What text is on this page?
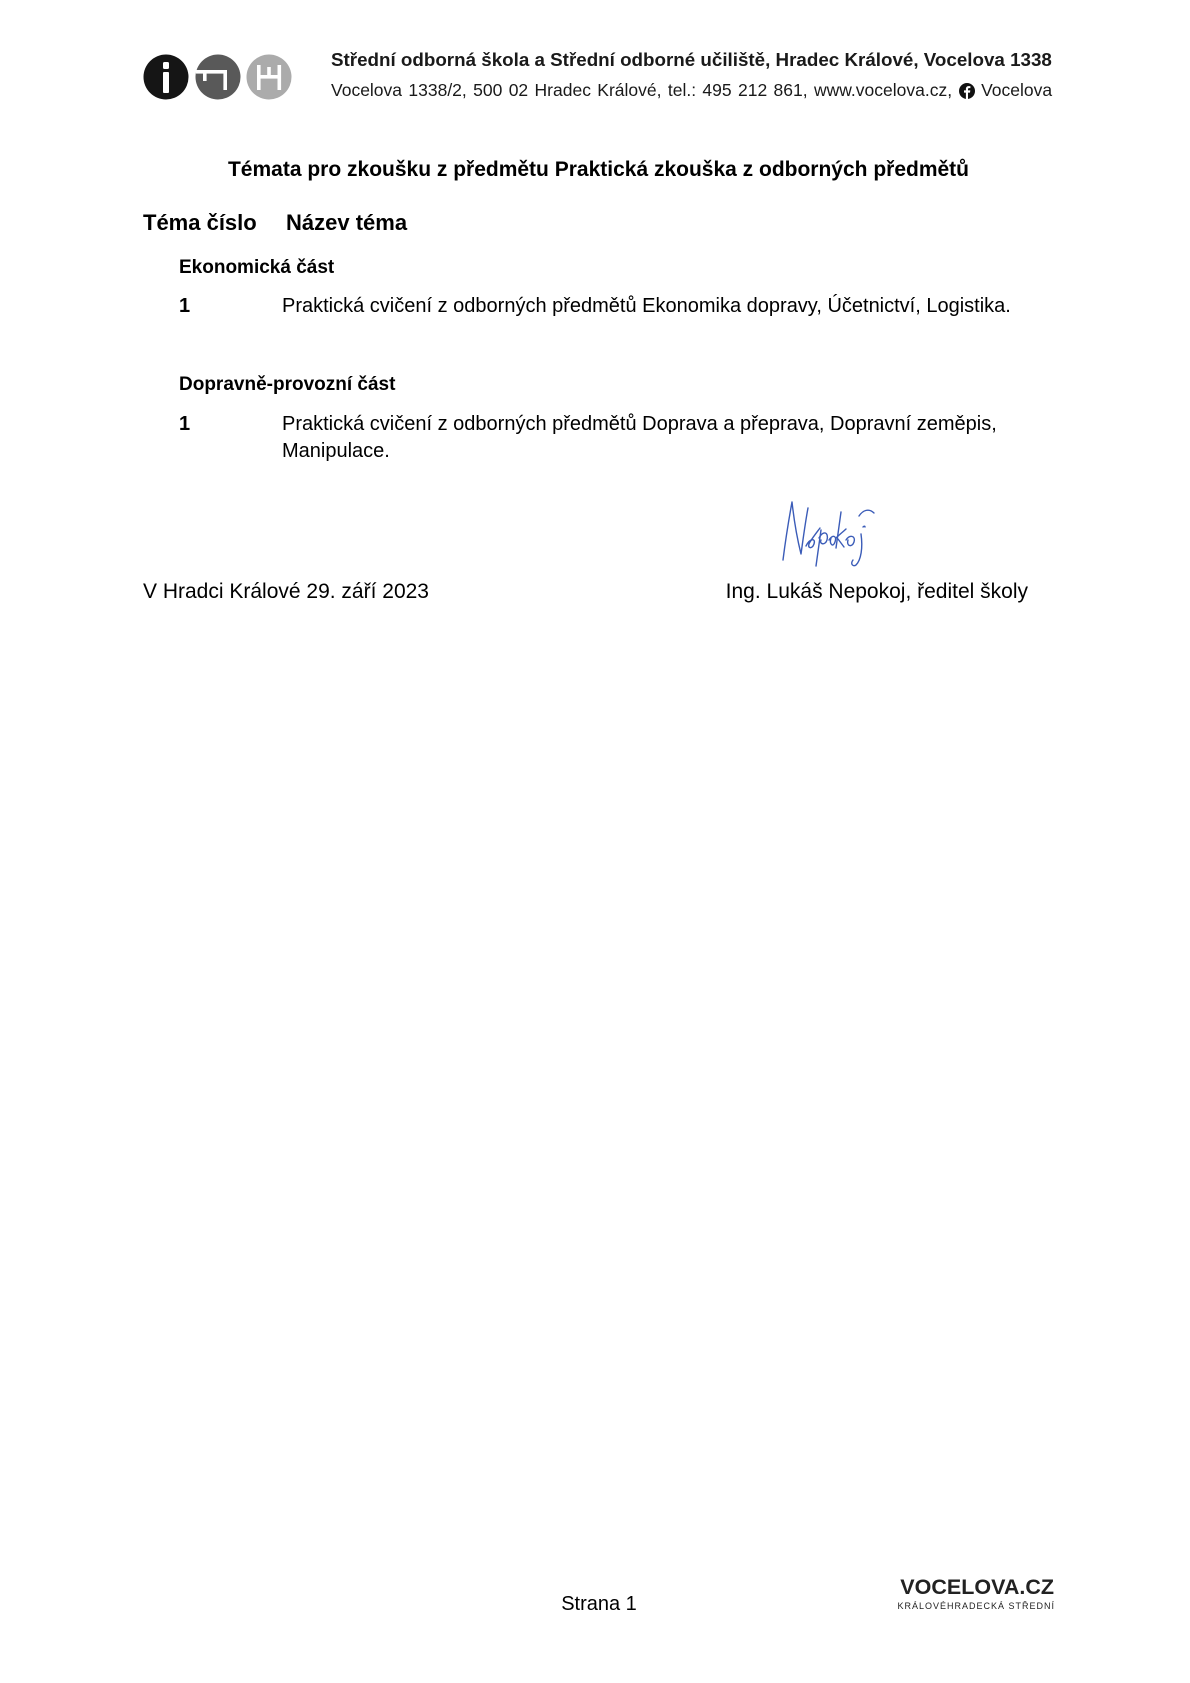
Střední odborná škola a Střední odborné učiliště, Hradec Králové, Vocelova 1338
Vocelova 1338/2, 500 02 Hradec Králové, tel.: 495 212 861, www.vocelova.cz, Vocelova
Témata pro zkoušku z předmětu Praktická zkouška z odborných předmětů
Téma číslo Název téma
Ekonomická část
1	Praktická cvičení z odborných předmětů Ekonomika dopravy, Účetnictví, Logistika.
Dopravně-provozní část
1	Praktická cvičení z odborných předmětů Doprava a přeprava, Dopravní zeměpis, Manipulace.
V Hradci Králové 29. září 2023	Ing. Lukáš Nepokoj, ředitel školy
Strana 1
VOCELOVA.CZ
KRÁLOVÉHRADECKÁ STŘEDNÍ
